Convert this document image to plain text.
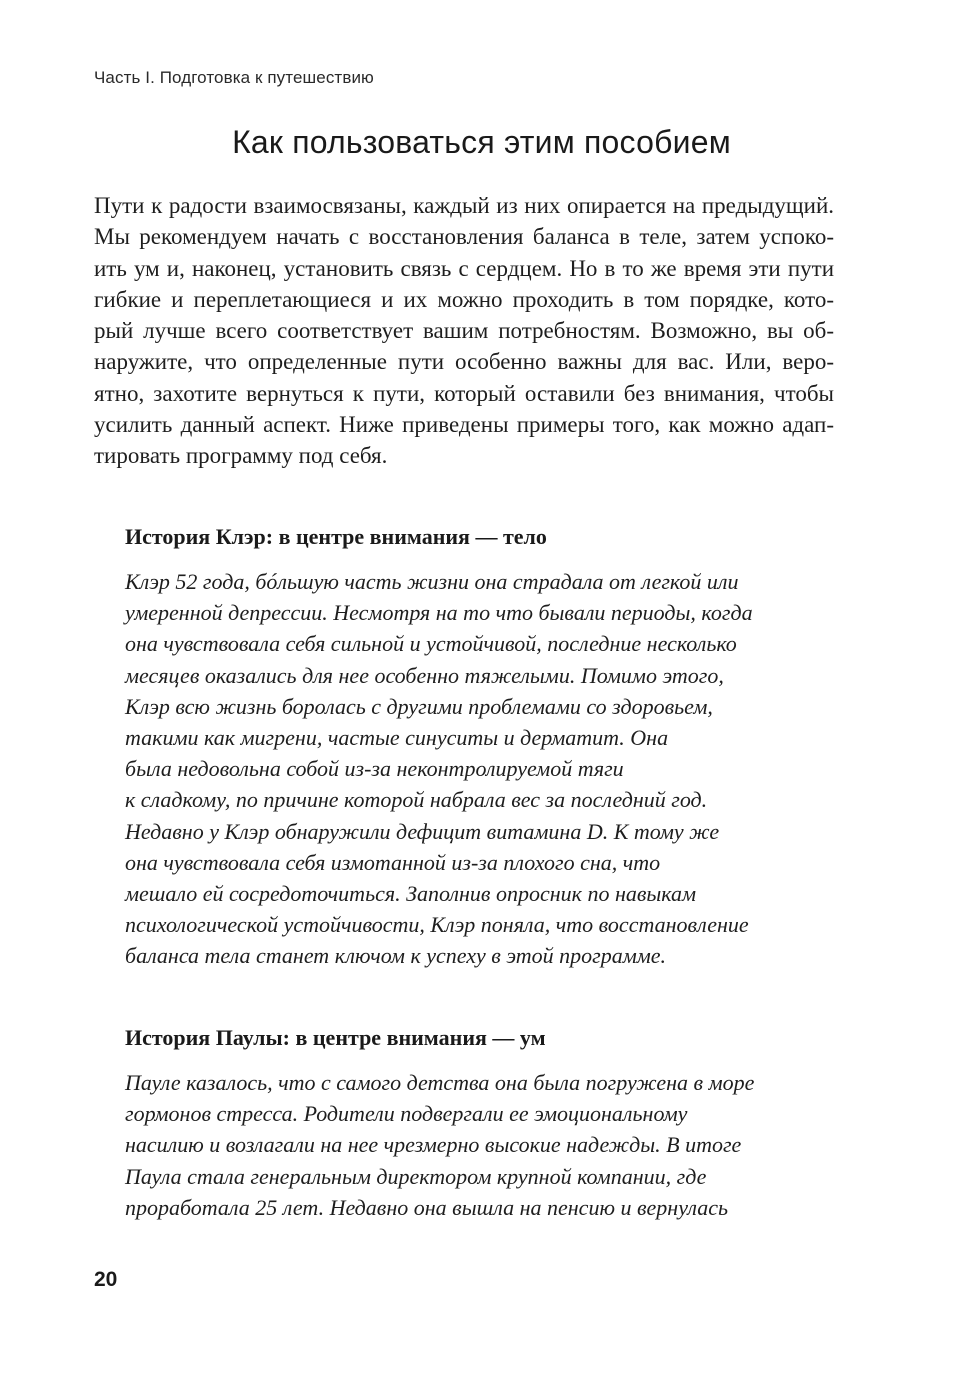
Часть I. Подготовка к путешествию
Как пользоваться этим пособием
Пути к радости взаимосвязаны, каждый из них опирается на предыдущий.
Мы рекомендуем начать с восстановления баланса в теле, затем успоко-
ить ум и, наконец, установить связь с сердцем. Но в то же время эти пути
гибкие и переплетающиеся и их можно проходить в том порядке, кото-
рый лучше всего соответствует вашим потребностям. Возможно, вы об-
наружите, что определенные пути особенно важны для вас. Или, веро-
ятно, захотите вернуться к пути, который оставили без внимания, чтобы
усилить данный аспект. Ниже приведены примеры того, как можно адап-
тировать программу под себя.
История Клэр: в центре внимания — тело

Клэр 52 года, бóльшую часть жизни она страдала от легкой или
умеренной депрессии. Несмотря на то что бывали периоды, когда
она чувствовала себя сильной и устойчивой, последние несколько
месяцев оказались для нее особенно тяжелыми. Помимо этого,
Клэр всю жизнь боролась с другими проблемами со здоровьем,
такими как мигрени, частые синуситы и дерматит. Она
была недовольна собой из-за неконтролируемой тяги
к сладкому, по причине которой набрала вес за последний год.
Недавно у Клэр обнаружили дефицит витамина D. К тому же
она чувствовала себя измотанной из-за плохого сна, что
мешало ей сосредоточиться. Заполнив опросник по навыкам
психологической устойчивости, Клэр поняла, что восстановление
баланса тела станет ключом к успеху в этой программе.

История Паулы: в центре внимания — ум

Пауле казалось, что с самого детства она была погружена в море
гормонов стресса. Родители подвергали ее эмоциональному
насилию и возлагали на нее чрезмерно высокие надежды. В итоге
Паула стала генеральным директором крупной компании, где
проработала 25 лет. Недавно она вышла на пенсию и вернулась

20
